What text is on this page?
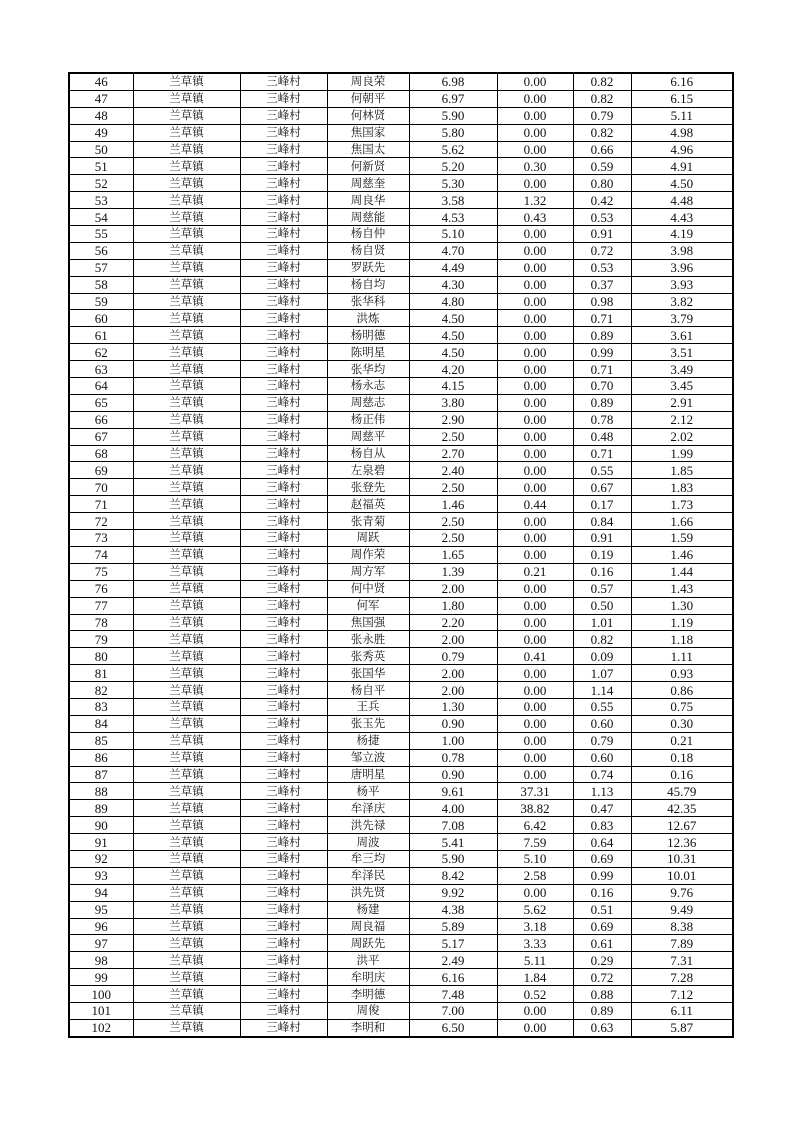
46	兰草镇	三峰村	周良荣	6.98	0.00	0.82	6.16
47	兰草镇	三峰村	何朝平	6.97	0.00	0.82	6.15
48	兰草镇	三峰村	何林贤	5.90	0.00	0.79	5.11
49	兰草镇	三峰村	焦国家	5.80	0.00	0.82	4.98
50	兰草镇	三峰村	焦国太	5.62	0.00	0.66	4.96
51	兰草镇	三峰村	何新贤	5.20	0.30	0.59	4.91
52	兰草镇	三峰村	周慈奎	5.30	0.00	0.80	4.50
53	兰草镇	三峰村	周良华	3.58	1.32	0.42	4.48
54	兰草镇	三峰村	周慈能	4.53	0.43	0.53	4.43
55	兰草镇	三峰村	杨自仲	5.10	0.00	0.91	4.19
56	兰草镇	三峰村	杨自贤	4.70	0.00	0.72	3.98
57	兰草镇	三峰村	罗跃先	4.49	0.00	0.53	3.96
58	兰草镇	三峰村	杨自均	4.30	0.00	0.37	3.93
59	兰草镇	三峰村	张华科	4.80	0.00	0.98	3.82
60	兰草镇	三峰村	洪炼	4.50	0.00	0.71	3.79
61	兰草镇	三峰村	杨明德	4.50	0.00	0.89	3.61
62	兰草镇	三峰村	陈明星	4.50	0.00	0.99	3.51
63	兰草镇	三峰村	张华均	4.20	0.00	0.71	3.49
64	兰草镇	三峰村	杨永志	4.15	0.00	0.70	3.45
65	兰草镇	三峰村	周慈志	3.80	0.00	0.89	2.91
66	兰草镇	三峰村	杨正伟	2.90	0.00	0.78	2.12
67	兰草镇	三峰村	周慈平	2.50	0.00	0.48	2.02
68	兰草镇	三峰村	杨自从	2.70	0.00	0.71	1.99
69	兰草镇	三峰村	左泉碧	2.40	0.00	0.55	1.85
70	兰草镇	三峰村	张登先	2.50	0.00	0.67	1.83
71	兰草镇	三峰村	赵福英	1.46	0.44	0.17	1.73
72	兰草镇	三峰村	张青菊	2.50	0.00	0.84	1.66
73	兰草镇	三峰村	周跃	2.50	0.00	0.91	1.59
74	兰草镇	三峰村	周作荣	1.65	0.00	0.19	1.46
75	兰草镇	三峰村	周方军	1.39	0.21	0.16	1.44
76	兰草镇	三峰村	何中贤	2.00	0.00	0.57	1.43
77	兰草镇	三峰村	何军	1.80	0.00	0.50	1.30
78	兰草镇	三峰村	焦国强	2.20	0.00	1.01	1.19
79	兰草镇	三峰村	张永胜	2.00	0.00	0.82	1.18
80	兰草镇	三峰村	张秀英	0.79	0.41	0.09	1.11
81	兰草镇	三峰村	张国华	2.00	0.00	1.07	0.93
82	兰草镇	三峰村	杨自平	2.00	0.00	1.14	0.86
83	兰草镇	三峰村	王兵	1.30	0.00	0.55	0.75
84	兰草镇	三峰村	张玉先	0.90	0.00	0.60	0.30
85	兰草镇	三峰村	杨捷	1.00	0.00	0.79	0.21
86	兰草镇	三峰村	邹立波	0.78	0.00	0.60	0.18
87	兰草镇	三峰村	唐明星	0.90	0.00	0.74	0.16
88	兰草镇	三峰村	杨平	9.61	37.31	1.13	45.79
89	兰草镇	三峰村	牟泽庆	4.00	38.82	0.47	42.35
90	兰草镇	三峰村	洪先禄	7.08	6.42	0.83	12.67
91	兰草镇	三峰村	周波	5.41	7.59	0.64	12.36
92	兰草镇	三峰村	牟三均	5.90	5.10	0.69	10.31
93	兰草镇	三峰村	牟泽民	8.42	2.58	0.99	10.01
94	兰草镇	三峰村	洪先贤	9.92	0.00	0.16	9.76
95	兰草镇	三峰村	杨建	4.38	5.62	0.51	9.49
96	兰草镇	三峰村	周良福	5.89	3.18	0.69	8.38
97	兰草镇	三峰村	周跃先	5.17	3.33	0.61	7.89
98	兰草镇	三峰村	洪平	2.49	5.11	0.29	7.31
99	兰草镇	三峰村	牟明庆	6.16	1.84	0.72	7.28
100	兰草镇	三峰村	李明德	7.48	0.52	0.88	7.12
101	兰草镇	三峰村	周俊	7.00	0.00	0.89	6.11
102	兰草镇	三峰村	李明和	6.50	0.00	0.63	5.87
